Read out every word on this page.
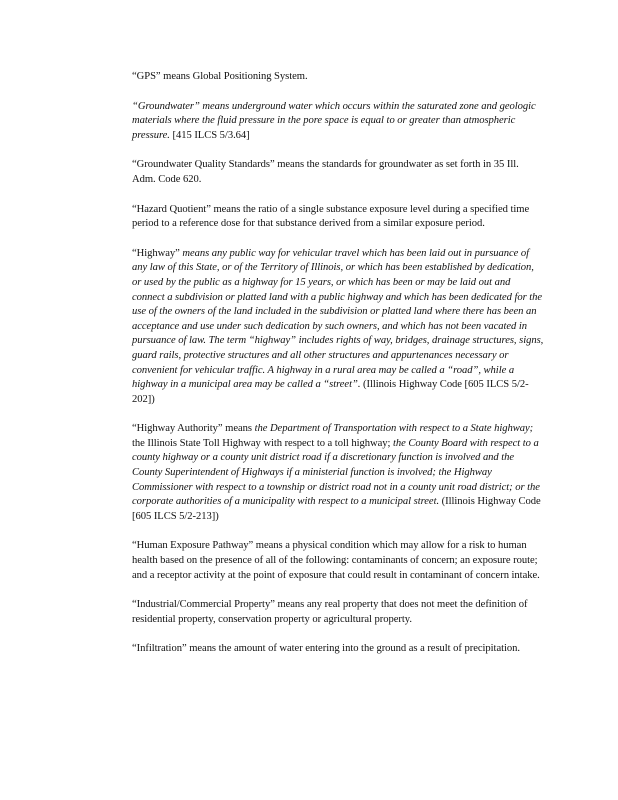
“GPS” means Global Positioning System.

“Groundwater” means underground water which occurs within the saturated zone and geologic materials where the fluid pressure in the pore space is equal to or greater than atmospheric pressure. [415 ILCS 5/3.64]

“Groundwater Quality Standards” means the standards for groundwater as set forth in 35 Ill. Adm. Code 620.

“Hazard Quotient” means the ratio of a single substance exposure level during a specified time period to a reference dose for that substance derived from a similar exposure period.

“Highway” means any public way for vehicular travel which has been laid out in pursuance of any law of this State, or of the Territory of Illinois, or which has been established by dedication, or used by the public as a highway for 15 years, or which has been or may be laid out and connect a subdivision or platted land with a public highway and which has been dedicated for the use of the owners of the land included in the subdivision or platted land where there has been an acceptance and use under such dedication by such owners, and which has not been vacated in pursuance of law. The term “highway” includes rights of way, bridges, drainage structures, signs, guard rails, protective structures and all other structures and appurtenances necessary or convenient for vehicular traffic. A highway in a rural area may be called a “road”, while a highway in a municipal area may be called a “street”. (Illinois Highway Code [605 ILCS 5/2-202])

“Highway Authority” means the Department of Transportation with respect to a State highway; the Illinois State Toll Highway with respect to a toll highway; the County Board with respect to a county highway or a county unit district road if a discretionary function is involved and the County Superintendent of Highways if a ministerial function is involved; the Highway Commissioner with respect to a township or district road not in a county unit road district; or the corporate authorities of a municipality with respect to a municipal street. (Illinois Highway Code [605 ILCS 5/2-213])

“Human Exposure Pathway” means a physical condition which may allow for a risk to human health based on the presence of all of the following: contaminants of concern; an exposure route; and a receptor activity at the point of exposure that could result in contaminant of concern intake.

“Industrial/Commercial Property” means any real property that does not meet the definition of residential property, conservation property or agricultural property.

“Infiltration” means the amount of water entering into the ground as a result of precipitation.
